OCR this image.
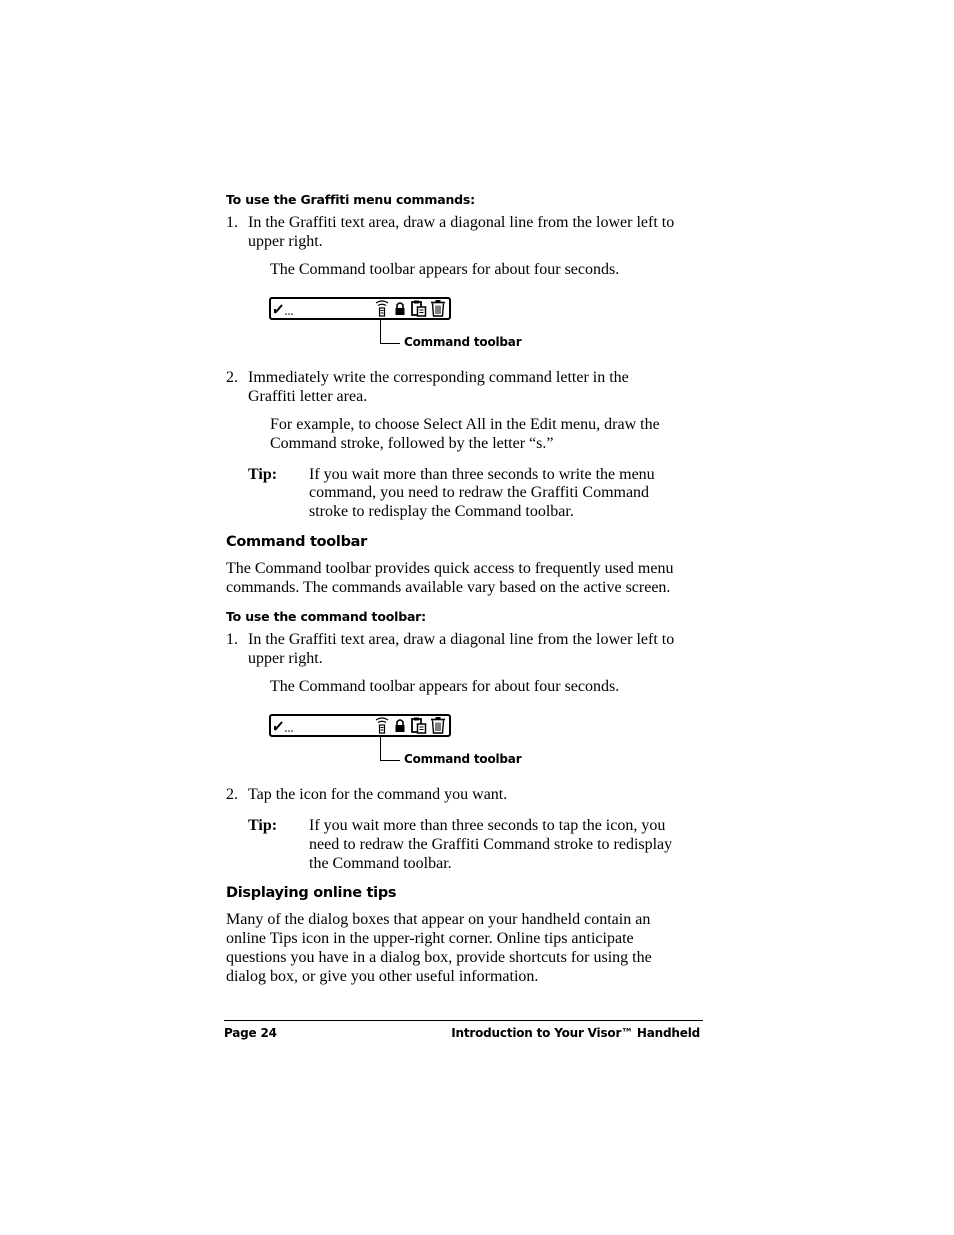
To use the Graffiti menu commands:
1. In the Graffiti text area, draw a diagonal line from the lower left to
upper right.
The Command toolbar appears for about four seconds.
Command toolbar
2. Immediately write the corresponding command letter in the
Graffiti letter area.
For example, to choose Select All in the Edit menu, draw the
Command stroke, followed by the letter “s.”
Tip: If you wait more than three seconds to write the menu
command, you need to redraw the Graffiti Command
stroke to redisplay the Command toolbar.
Command toolbar
The Command toolbar provides quick access to frequently used menu
commands. The commands available vary based on the active screen.
To use the command toolbar:
1. In the Graffiti text area, draw a diagonal line from the lower left to
upper right.
The Command toolbar appears for about four seconds.
Command toolbar
2. Tap the icon for the command you want.
Tip: If you wait more than three seconds to tap the icon, you
need to redraw the Graffiti Command stroke to redisplay
the Command toolbar.
Displaying online tips
Many of the dialog boxes that appear on your handheld contain an
online Tips icon in the upper-right corner. Online tips anticipate
questions you have in a dialog box, provide shortcuts for using the
dialog box, or give you other useful information.
Page 24	Introduction to Your Visor™ Handheld
